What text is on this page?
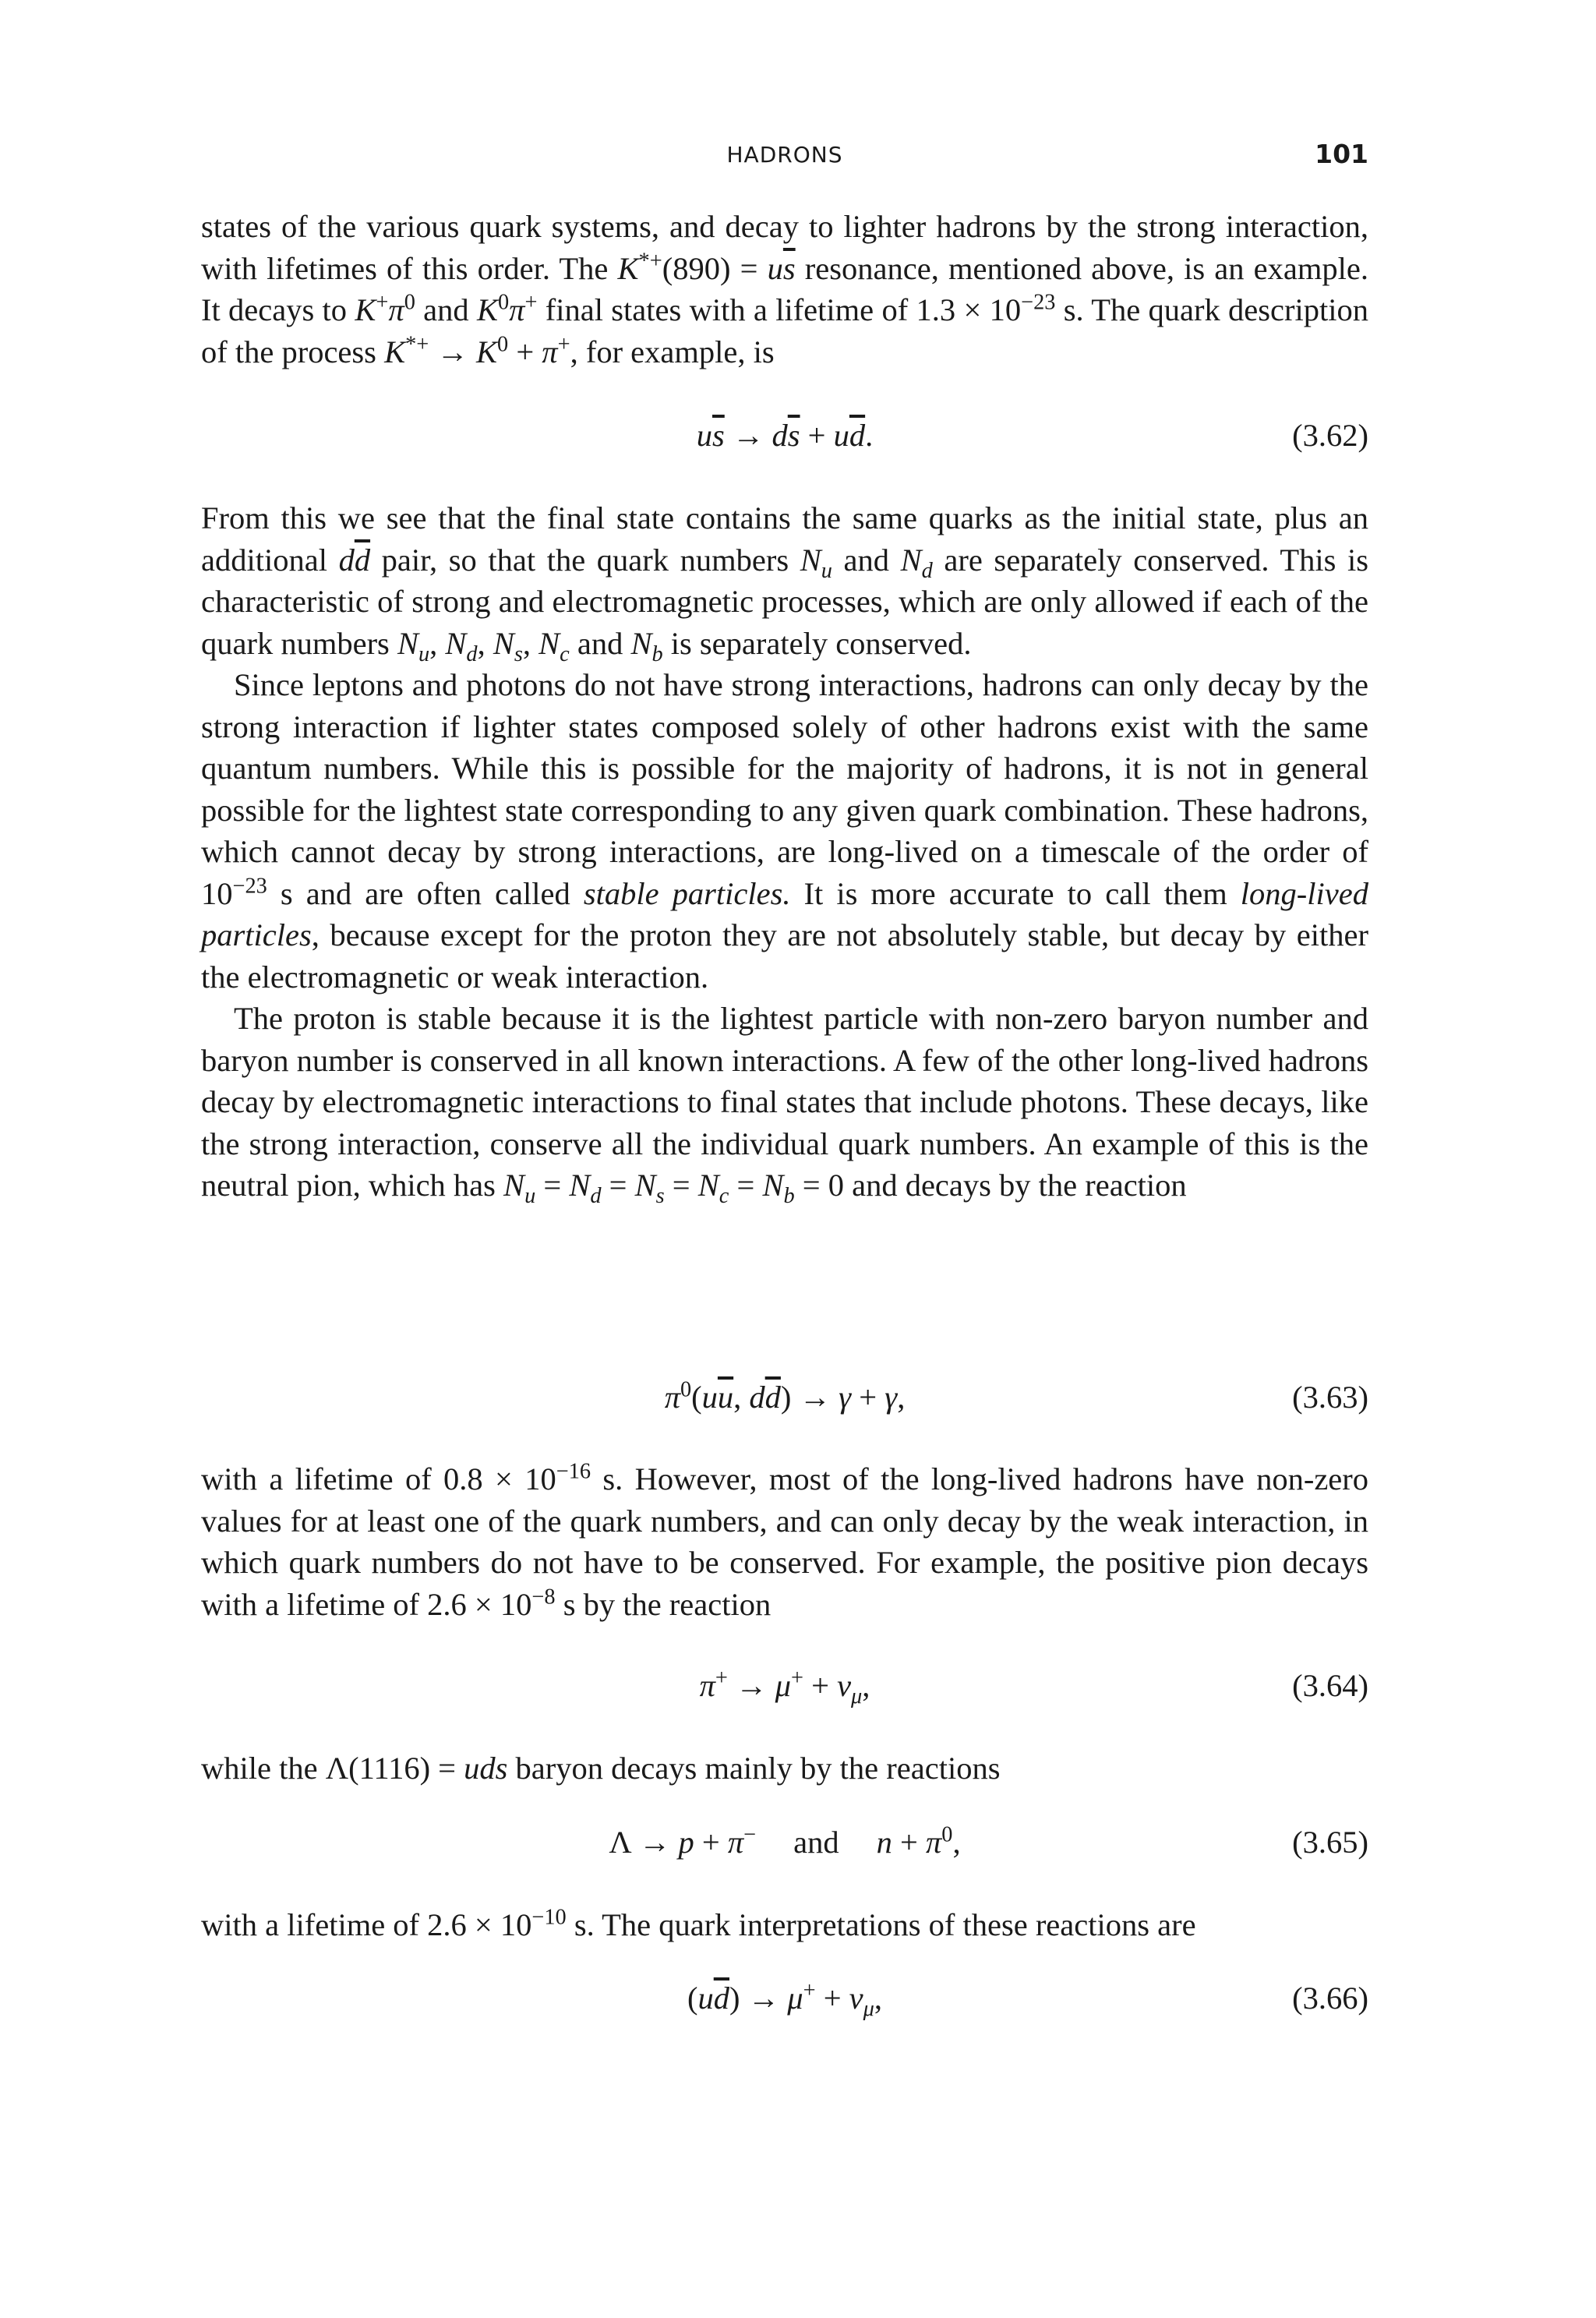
HADRONS	101

states of the various quark systems, and decay to lighter hadrons by the strong interaction, with lifetimes of this order. The $K^{*+}(890) = u\overline{s}$ resonance, mentioned above, is an example. It decays to $K^+\pi^0$ and $K^0\pi^+$ final states with a lifetime of $1.3 \times 10^{-23}$ s. The quark description of the process $K^{*+} \to K^0 + \pi^+$, for example, is

$u\overline{s} \to d\overline{s} + u\overline{d}$.	(3.62)

From this we see that the final state contains the same quarks as the initial state, plus an additional $d\overline{d}$ pair, so that the quark numbers $N_u$ and $N_d$ are separately conserved. This is characteristic of strong and electromagnetic processes, which are only allowed if each of the quark numbers $N_u$, $N_d$, $N_s$, $N_c$ and $N_b$ is separately conserved.

Since leptons and photons do not have strong interactions, hadrons can only decay by the strong interaction if lighter states composed solely of other hadrons exist with the same quantum numbers. While this is possible for the majority of hadrons, it is not in general possible for the lightest state corresponding to any given quark combination. These hadrons, which cannot decay by strong interactions, are long-lived on a timescale of the order of $10^{-23}$ s and are often called stable particles. It is more accurate to call them long-lived particles, because except for the proton they are not absolutely stable, but decay by either the electromagnetic or weak interaction.

The proton is stable because it is the lightest particle with non-zero baryon number and baryon number is conserved in all known interactions. A few of the other long-lived hadrons decay by electromagnetic interactions to final states that include photons. These decays, like the strong interaction, conserve all the individual quark numbers. An example of this is the neutral pion, which has $N_u = N_d = N_s = N_c = N_b = 0$ and decays by the reaction

$\pi^0(u\overline{u}$, $d\overline{d}) \to \gamma + \gamma$,	(3.63)

with a lifetime of $0.8 \times 10^{-16}$ s. However, most of the long-lived hadrons have non-zero values for at least one of the quark numbers, and can only decay by the weak interaction, in which quark numbers do not have to be conserved. For example, the positive pion decays with a lifetime of $2.6 \times 10^{-8}$ s by the reaction

$\pi^+ \to \mu^+ + \nu_\mu$,	(3.64)

while the Λ(1116) = uds baryon decays mainly by the reactions

Λ → p + π− and $n + \pi^0$,	(3.65)

with a lifetime of $2.6 \times 10^{-10}$ s. The quark interpretations of these reactions are

$(u\overline{d}) \to \mu^+ + \nu_\mu$,	(3.66)
